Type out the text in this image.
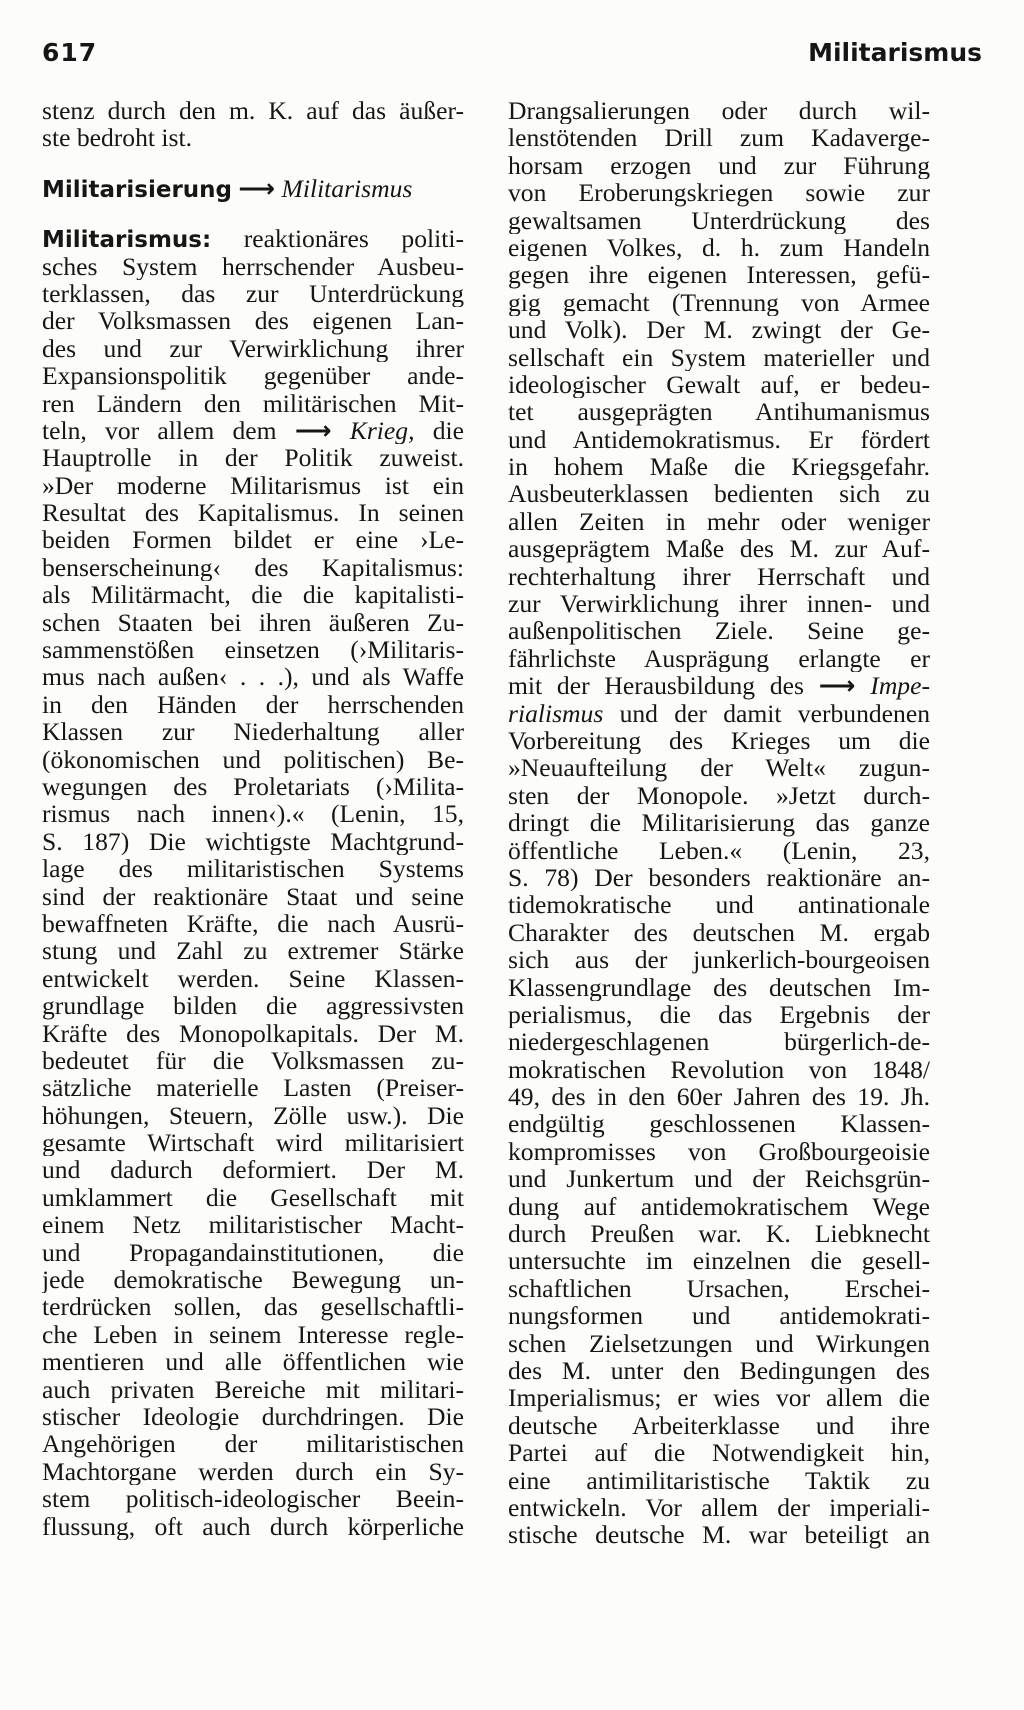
617	Militarismus
stenz durch den m. K. auf das äußer-
ste bedroht ist.
Militarisierung ⟶ Militarismus
Militarismus: reaktionäres politi-
sches System herrschender Ausbeu-
terklassen, das zur Unterdrückung
der Volksmassen des eigenen Lan-
des und zur Verwirklichung ihrer
Expansionspolitik gegenüber ande-
ren Ländern den militärischen Mit-
teln, vor allem dem ⟶ Krieg, die
Hauptrolle in der Politik zuweist.
»Der moderne Militarismus ist ein
Resultat des Kapitalismus. In seinen
beiden Formen bildet er eine ›Le-
benserscheinung‹ des Kapitalismus:
als Militärmacht, die die kapitalisti-
schen Staaten bei ihren äußeren Zu-
sammenstößen einsetzen (›Militaris-
mus nach außen‹ . . .), und als Waffe
in den Händen der herrschenden
Klassen zur Niederhaltung aller
(ökonomischen und politischen) Be-
wegungen des Proletariats (›Milita-
rismus nach innen‹).« (Lenin, 15,
S. 187) Die wichtigste Machtgrund-
lage des militaristischen Systems
sind der reaktionäre Staat und seine
bewaffneten Kräfte, die nach Ausrü-
stung und Zahl zu extremer Stärke
entwickelt werden. Seine Klassen-
grundlage bilden die aggressivsten
Kräfte des Monopolkapitals. Der M.
bedeutet für die Volksmassen zu-
sätzliche materielle Lasten (Preiser-
höhungen, Steuern, Zölle usw.). Die
gesamte Wirtschaft wird militarisiert
und dadurch deformiert. Der M.
umklammert die Gesellschaft mit
einem Netz militaristischer Macht-
und Propagandainstitutionen, die
jede demokratische Bewegung un-
terdrücken sollen, das gesellschaftli-
che Leben in seinem Interesse regle-
mentieren und alle öffentlichen wie
auch privaten Bereiche mit militari-
stischer Ideologie durchdringen. Die
Angehörigen der militaristischen
Machtorgane werden durch ein Sy-
stem politisch-ideologischer Beein-
flussung, oft auch durch körperliche
Drangsalierungen oder durch wil-
lenstötenden Drill zum Kadaverge-
horsam erzogen und zur Führung
von Eroberungskriegen sowie zur
gewaltsamen Unterdrückung des
eigenen Volkes, d. h. zum Handeln
gegen ihre eigenen Interessen, gefü-
gig gemacht (Trennung von Armee
und Volk). Der M. zwingt der Ge-
sellschaft ein System materieller und
ideologischer Gewalt auf, er bedeu-
tet ausgeprägten Antihumanismus
und Antidemokratismus. Er fördert
in hohem Maße die Kriegsgefahr.
Ausbeuterklassen bedienten sich zu
allen Zeiten in mehr oder weniger
ausgeprägtem Maße des M. zur Auf-
rechterhaltung ihrer Herrschaft und
zur Verwirklichung ihrer innen- und
außenpolitischen Ziele. Seine ge-
fährlichste Ausprägung erlangte er
mit der Herausbildung des ⟶ Impe-
rialismus und der damit verbundenen
Vorbereitung des Krieges um die
»Neuaufteilung der Welt« zugun-
sten der Monopole. »Jetzt durch-
dringt die Militarisierung das ganze
öffentliche Leben.« (Lenin, 23,
S. 78) Der besonders reaktionäre an-
tidemokratische und antinationale
Charakter des deutschen M. ergab
sich aus der junkerlich-bourgeoisen
Klassengrundlage des deutschen Im-
perialismus, die das Ergebnis der
niedergeschlagenen bürgerlich-de-
mokratischen Revolution von 1848/
49, des in den 60er Jahren des 19. Jh.
endgültig geschlossenen Klassen-
kompromisses von Großbourgeoisie
und Junkertum und der Reichsgrün-
dung auf antidemokratischem Wege
durch Preußen war. K. Liebknecht
untersuchte im einzelnen die gesell-
schaftlichen Ursachen, Erschei-
nungsformen und antidemokrati-
schen Zielsetzungen und Wirkungen
des M. unter den Bedingungen des
Imperialismus; er wies vor allem die
deutsche Arbeiterklasse und ihre
Partei auf die Notwendigkeit hin,
eine antimilitaristische Taktik zu
entwickeln. Vor allem der imperiali-
stische deutsche M. war beteiligt an
